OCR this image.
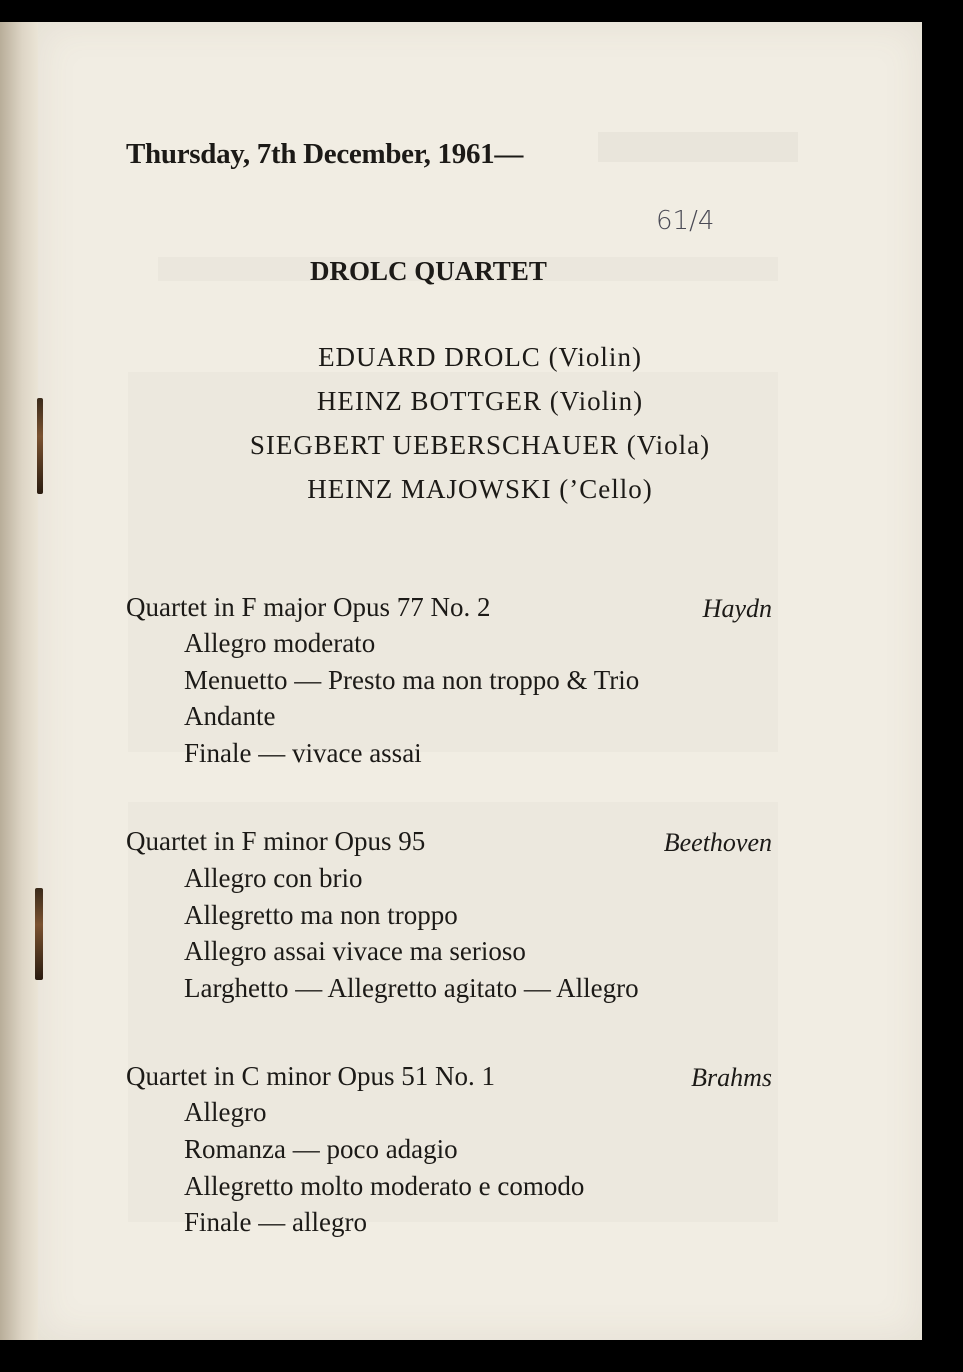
Thursday, 7th December, 1961—
61/4
DROLC QUARTET
EDUARD DROLC (Violin)
HEINZ BOTTGER (Violin)
SIEGBERT UEBERSCHAUER (Viola)
HEINZ MAJOWSKI (’Cello)
Quartet in F major Opus 77 No. 2	Haydn
Allegro moderato
Menuetto — Presto ma non troppo & Trio
Andante
Finale — vivace assai
Quartet in F minor Opus 95	Beethoven
Allegro con brio
Allegretto ma non troppo
Allegro assai vivace ma serioso
Larghetto — Allegretto agitato — Allegro
Quartet in C minor Opus 51 No. 1	Brahms
Allegro
Romanza — poco adagio
Allegretto molto moderato e comodo
Finale — allegro
